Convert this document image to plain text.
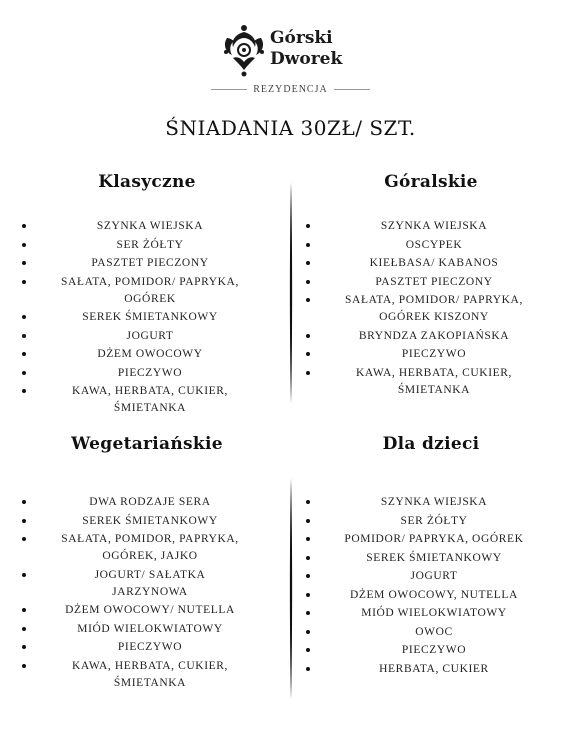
Górski
Dworek
REZYDENCJA
ŚNIADANIA 30ZŁ/ SZT.
Klasyczne
SZYNKA WIEJSKA
SER ŻÓŁTY
PASZTET PIECZONY
SAŁATA, POMIDOR/ PAPRYKA,
OGÓREK
SEREK ŚMIETANKOWY
JOGURT
DŻEM OWOCOWY
PIECZYWO
KAWA, HERBATA, CUKIER,
ŚMIETANKA
Góralskie
SZYNKA WIEJSKA
OSCYPEK
KIEŁBASA/ KABANOS
PASZTET PIECZONY
SAŁATA, POMIDOR/ PAPRYKA,
OGÓREK KISZONY
BRYNDZA ZAKOPIAŃSKA
PIECZYWO
KAWA, HERBATA, CUKIER,
ŚMIETANKA
Wegetariańskie
DWA RODZAJE SERA
SEREK ŚMIETANKOWY
SAŁATA, POMIDOR, PAPRYKA,
OGÓREK, JAJKO
JOGURT/ SAŁATKA
JARZYNOWA
DŻEM OWOCOWY/ NUTELLA
MIÓD WIELOKWIATOWY
PIECZYWO
KAWA, HERBATA, CUKIER,
ŚMIETANKA
Dla dzieci
SZYNKA WIEJSKA
SER ŻÓŁTY
POMIDOR/ PAPRYKA, OGÓREK
SEREK ŚMIETANKOWY
JOGURT
DŻEM OWOCOWY, NUTELLA
MIÓD WIELOKWIATOWY
OWOC
PIECZYWO
HERBATA, CUKIER
